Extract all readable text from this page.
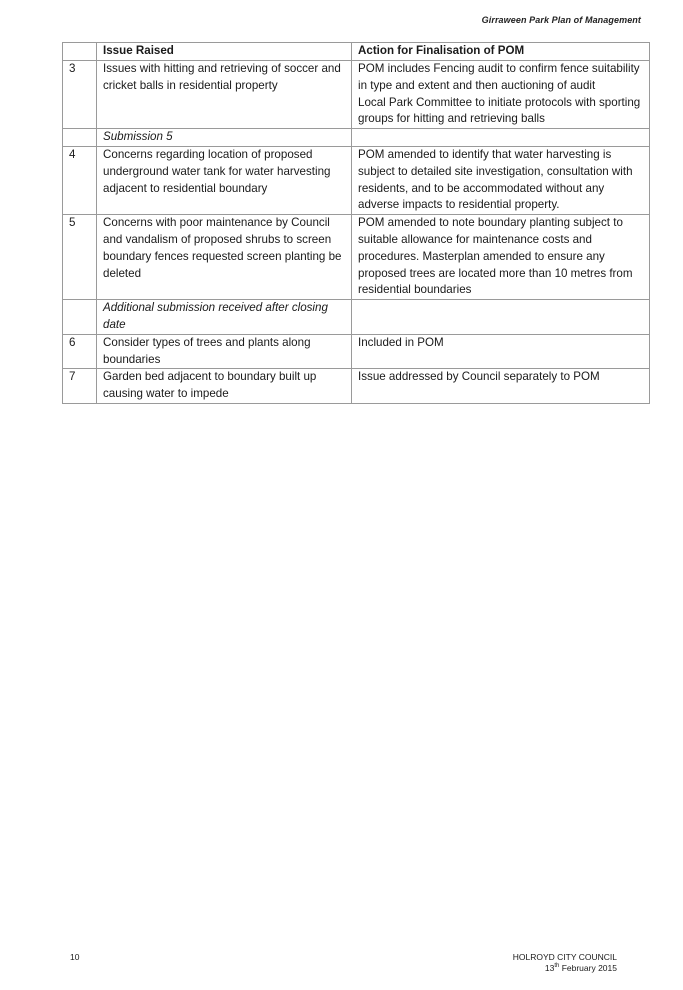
Girraween Park Plan of Management
	Issue Raised	Action for Finalisation of POM
3	Issues with hitting and retrieving of soccer and cricket balls in residential property	POM includes Fencing audit to confirm fence suitability in type and extent and then auctioning of audit
Local Park Committee to initiate protocols with sporting groups for hitting and retrieving balls

	Submission 5	
4	Concerns regarding location of proposed underground water tank for water harvesting adjacent to residential boundary	POM amended to identify that water harvesting is subject to detailed site investigation, consultation with residents, and to be accommodated without any adverse impacts to residential property.
5	Concerns with poor maintenance by Council and vandalism of proposed shrubs to screen boundary fences requested screen planting be deleted	POM amended to note boundary planting subject to suitable allowance for maintenance costs and procedures. Masterplan amended to ensure any proposed trees are located more than 10 metres from residential boundaries
	Additional submission received after closing date	
6	Consider types of trees and plants along boundaries	Included in POM
7	Garden bed adjacent to boundary built up causing water to impede	Issue addressed by Council separately to POM
10	HOLROYD CITY COUNCIL
13th February 2015
